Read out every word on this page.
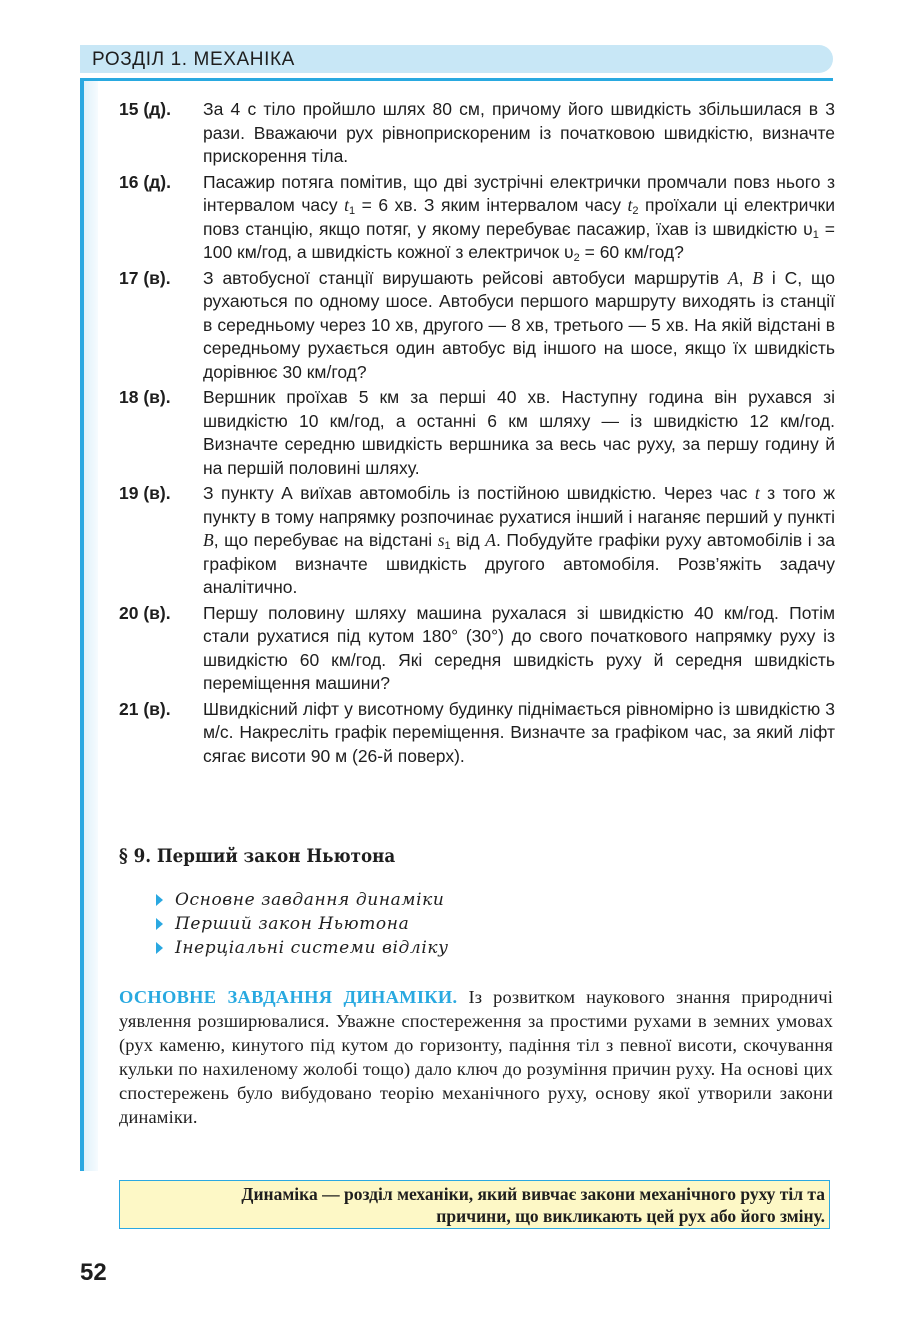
РОЗДІЛ 1. МЕХАНІКА
15 (д).	За 4 с тіло пройшло шлях 80 см, причому його швидкість збільшилася в 3 рази. Вважаючи рух рівноприскореним із початковою швидкістю, визначте прискорення тіла.
16 (д).	Пасажир потяга помітив, що дві зустрічні електрички промчали повз нього з інтервалом часу $t_1 = 6$ хв. З яким інтервалом часу $t_2$ проїхали ці електрички повз станцію, якщо потяг, у якому перебуває пасажир, їхав із швидкістю $\upsilon_1 = 100$ км/год, а швидкість кожної з електричок $\upsilon_2 = 60$ км/год?
17 (в).	З автобусної станції вирушають рейсові автобуси маршрутів A, B і С, що рухаються по одному шосе. Автобуси першого маршруту виходять із станції в середньому через 10 хв, другого — 8 хв, третього — 5 хв. На якій відстані в середньому рухається один автобус від іншого на шосе, якщо їх швидкість дорівнює 30 км/год?
18 (в).	Вершник проїхав 5 км за перші 40 хв. Наступну година він рухався зі швидкістю 10 км/год, а останні 6 км шляху — із швидкістю 12 км/год. Визначте середню швидкість вершника за весь час руху, за першу годину й на першій половині шляху.
19 (в).	З пункту А виїхав автомобіль із постійною швидкістю. Через час t з того ж пункту в тому напрямку розпочинає рухатися інший і наганяє перший у пункті B, що перебуває на відстані $s_1$ від A. Побудуйте графіки руху автомобілів і за графіком визначте швидкість другого автомобіля. Розв’яжіть задачу аналітично.
20 (в).	Першу половину шляху машина рухалася зі швидкістю 40 км/год. Потім стали рухатися під кутом 180° (30°) до свого початкового напрямку руху із швидкістю 60 км/год. Які середня швидкість руху й середня швидкість переміщення машини?
21 (в).	Швидкісний ліфт у висотному будинку піднімається рівномірно із швидкістю 3 м/с. Накресліть графік переміщення. Визначте за графіком час, за який ліфт сягає висоти 90 м (26-й поверх).
§ 9. Перший закон Ньютона
Основне завдання динаміки
Перший закон Ньютона
Інерціальні системи відліку
ОСНОВНЕ ЗАВДАННЯ ДИНАМІКИ. Із розвитком наукового знання природничі уявлення розширювалися. Уважне спостереження за простими рухами в земних умовах (рух каменю, кинутого під кутом до горизонту, падіння тіл з певної висоти, скочування кульки по нахиленому жолобі тощо) дало ключ до розуміння причин руху. На основі цих спостережень було вибудовано теорію механічного руху, основу якої утворили закони динаміки.
Динаміка — розділ механіки, який вивчає закони механічного руху тіл та причини, що викликають цей рух або його зміну.
52
